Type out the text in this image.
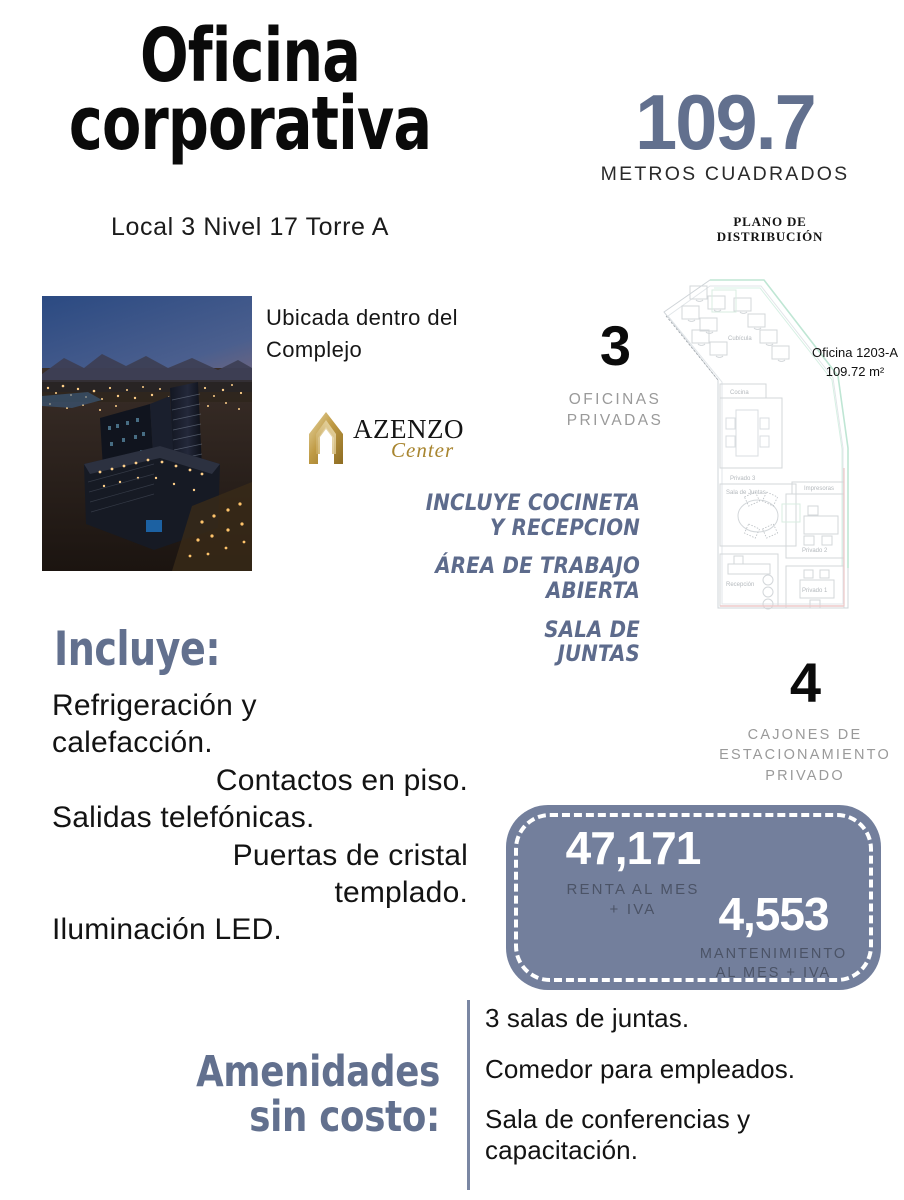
Oficina
corporativa
Local 3 Nivel 17 Torre A
109.7
METROS CUADRADOS
PLANO DE
DISTRIBUCIÓN
Ubicada dentro del Complejo
AZENZO
Center
3
OFICINAS
PRIVADAS
INCLUYE COCINETA
Y RECEPCION
ÁREA DE TRABAJO
ABIERTA
SALA DE
JUNTAS
Cubícula
Cocina
Privado 3
Sala de Juntas
Recepción
Impresoras
Privado 2
Privado 1
Oficina 1203-A
109.72 m²
4
CAJONES DE
ESTACIONAMIENTO
PRIVADO
Incluye:
Refrigeración y
calefacción.
Contactos en piso.
Salidas telefónicas.
Puertas de cristal
templado.
Iluminación LED.
47,171
RENTA AL MES
+ IVA	4,553
MANTENIMIENTO
AL MES + IVA
Amenidades
sin costo:
3 salas de juntas.
Comedor para empleados.
Sala de conferencias y capacitación.
